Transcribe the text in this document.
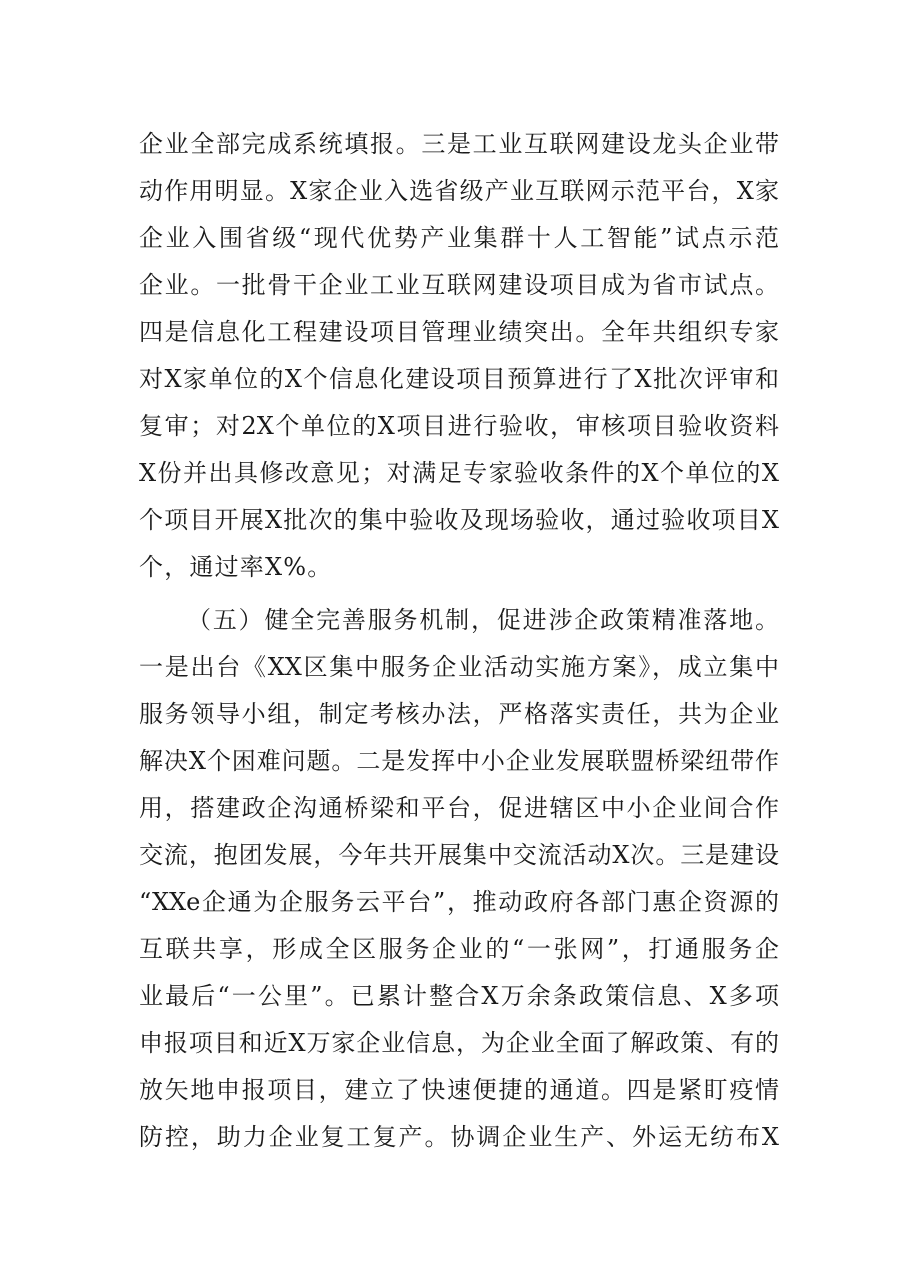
企业全部完成系统填报。三是工业互联网建设龙头企业带
动作用明显。X家企业入选省级产业互联网示范平台，X家
企业入围省级“现代优势产业集群十人工智能”试点示范
企业。一批骨干企业工业互联网建设项目成为省市试点。
四是信息化工程建设项目管理业绩突出。全年共组织专家
对X家单位的X个信息化建设项目预算进行了X批次评审和
复审；对2X个单位的X项目进行验收，审核项目验收资料
X份并出具修改意见；对满足专家验收条件的X个单位的X
个项目开展X批次的集中验收及现场验收，通过验收项目X
个，通过率X%。
（五）健全完善服务机制，促进涉企政策精准落地。
一是出台《XX区集中服务企业活动实施方案》，成立集中
服务领导小组，制定考核办法，严格落实责任，共为企业
解决X个困难问题。二是发挥中小企业发展联盟桥梁纽带作
用，搭建政企沟通桥梁和平台，促进辖区中小企业间合作
交流，抱团发展，今年共开展集中交流活动X次。三是建设
“XXe企通为企服务云平台”，推动政府各部门惠企资源的
互联共享，形成全区服务企业的“一张网”，打通服务企
业最后“一公里”。已累计整合X万余条政策信息、X多项
申报项目和近X万家企业信息，为企业全面了解政策、有的
放矢地申报项目，建立了快速便捷的通道。四是紧盯疫情
防控，助力企业复工复产。协调企业生产、外运无纺布X
